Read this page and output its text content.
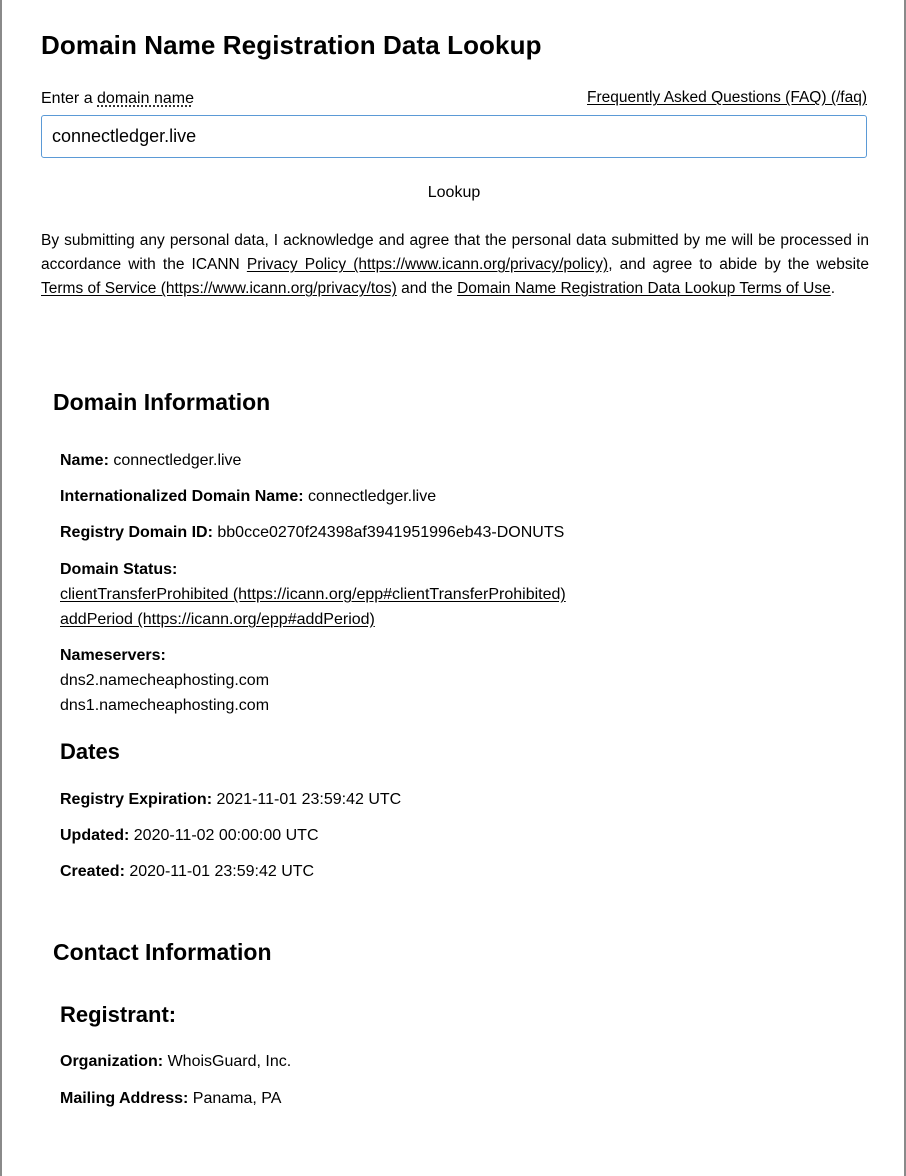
Domain Name Registration Data Lookup
Enter a domain name	Frequently Asked Questions (FAQ) (/faq)
connectledger.live
Lookup

By submitting any personal data, I acknowledge and agree that the personal data submitted by me will be processed in accordance with the ICANN Privacy Policy (https://www.icann.org/privacy/policy), and agree to abide by the website Terms of Service (https://www.icann.org/privacy/tos) and the Domain Name Registration Data Lookup Terms of Use.

Domain Information

Name: connectledger.live

Internationalized Domain Name: connectledger.live

Registry Domain ID: bb0cce0270f24398af3941951996eb43-DONUTS

Domain Status:
clientTransferProhibited (https://icann.org/epp#clientTransferProhibited)
addPeriod (https://icann.org/epp#addPeriod)
Nameservers:
dns2.namecheaphosting.com
dns1.namecheaphosting.com
Dates

Registry Expiration: 2021-11-01 23:59:42 UTC

Updated: 2020-11-02 00:00:00 UTC

Created: 2020-11-01 23:59:42 UTC

Contact Information
Registrant:

Organization: WhoisGuard, Inc.

Mailing Address: Panama, PA
